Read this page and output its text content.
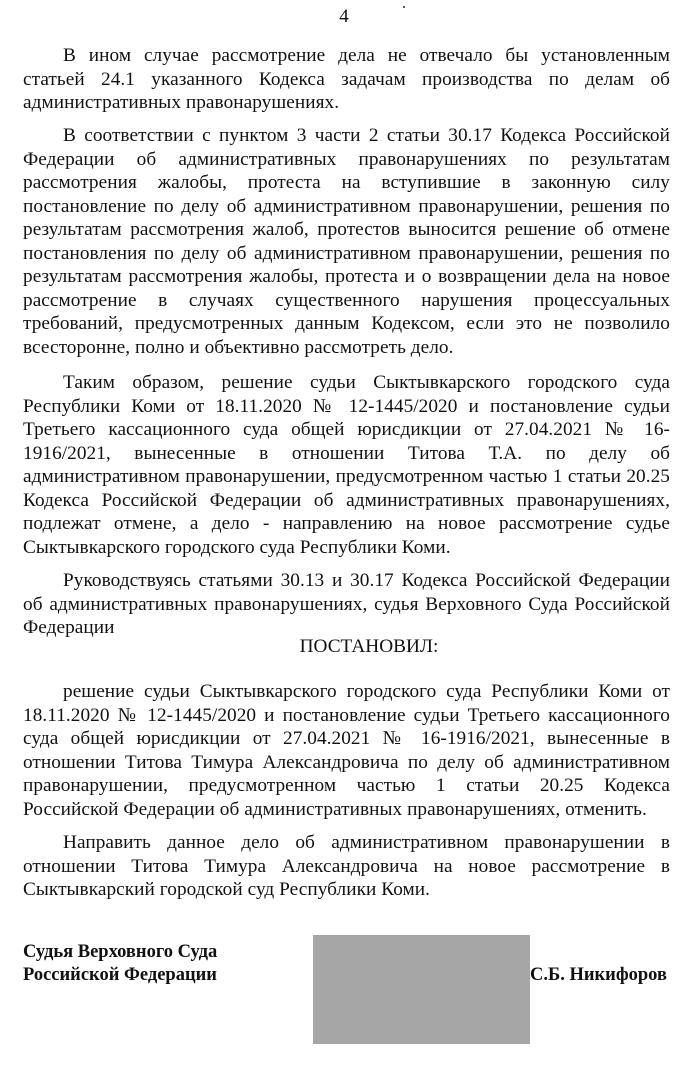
4

В ином случае рассмотрение дела не отвечало бы установленным статьей 24.1 указанного Кодекса задачам производства по делам об административных правонарушениях.

В соответствии с пунктом 3 части 2 статьи 30.17 Кодекса Российской Федерации об административных правонарушениях по результатам рассмотрения жалобы, протеста на вступившие в законную силу постановление по делу об административном правонарушении, решения по результатам рассмотрения жалоб, протестов выносится решение об отмене постановления по делу об административном правонарушении, решения по результатам рассмотрения жалобы, протеста и о возвращении дела на новое рассмотрение в случаях существенного нарушения процессуальных требований, предусмотренных данным Кодексом, если это не позволило всесторонне, полно и объективно рассмотреть дело.

Таким образом, решение судьи Сыктывкарского городского суда Республики Коми от 18.11.2020 № 12-1445/2020 и постановление судьи Третьего кассационного суда общей юрисдикции от 27.04.2021 № 16-1916/2021, вынесенные в отношении Титова Т.А. по делу об административном правонарушении, предусмотренном частью 1 статьи 20.25 Кодекса Российской Федерации об административных правонарушениях, подлежат отмене, а дело - направлению на новое рассмотрение судье Сыктывкарского городского суда Республики Коми.

Руководствуясь статьями 30.13 и 30.17 Кодекса Российской Федерации об административных правонарушениях, судья Верховного Суда Российской Федерации

ПОСТАНОВИЛ:

решение судьи Сыктывкарского городского суда Республики Коми от 18.11.2020 № 12-1445/2020 и постановление судьи Третьего кассационного суда общей юрисдикции от 27.04.2021 № 16-1916/2021, вынесенные в отношении Титова Тимура Александровича по делу об административном правонарушении, предусмотренном частью 1 статьи 20.25 Кодекса Российской Федерации об административных правонарушениях, отменить.

Направить данное дело об административном правонарушении в отношении Титова Тимура Александровича на новое рассмотрение в Сыктывкарский городской суд Республики Коми.

Судья Верховного Суда
Российской Федерации	С.Б. Никифоров
